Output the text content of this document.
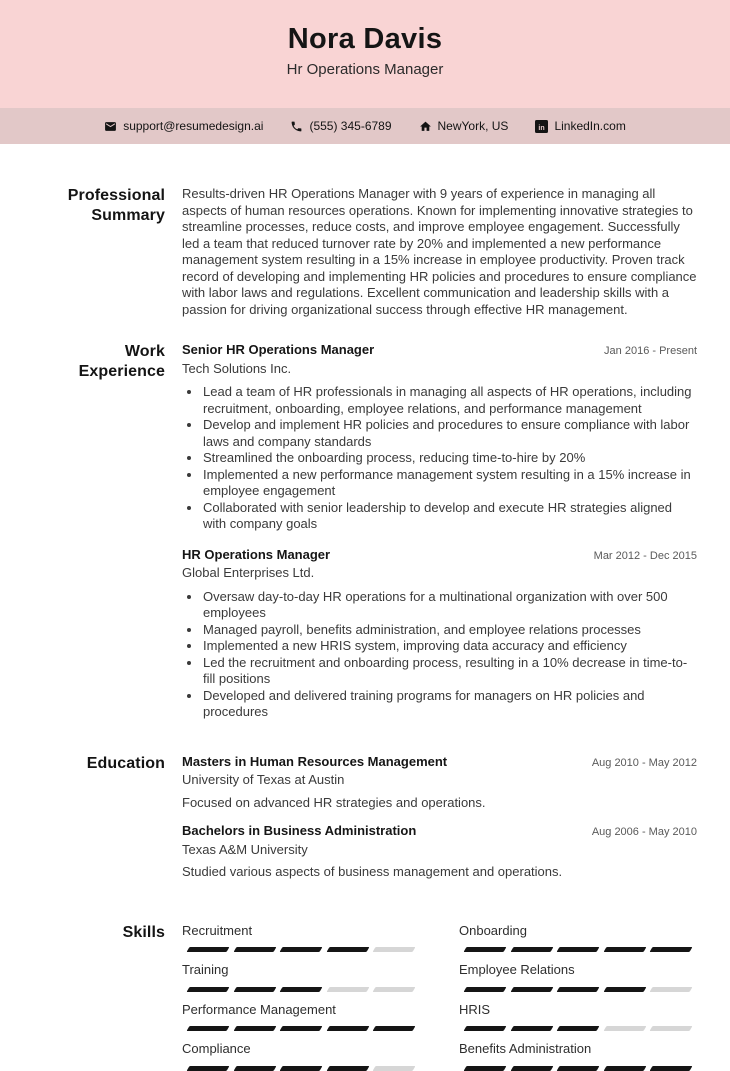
Nora Davis
Hr Operations Manager
support@resumedesign.ai	(555) 345-6789	NewYork, US in LinkedIn.com
Professional Summary
Results-driven HR Operations Manager with 9 years of experience in managing all aspects of human resources operations. Known for implementing innovative strategies to streamline processes, reduce costs, and improve employee engagement. Successfully led a team that reduced turnover rate by 20% and implemented a new performance management system resulting in a 15% increase in employee productivity. Proven track record of developing and implementing HR policies and procedures to ensure compliance with labor laws and regulations. Excellent communication and leadership skills with a passion for driving organizational success through effective HR management.
Work Experience
Senior HR Operations Manager	Jan 2016 - Present
Tech Solutions Inc.
• Lead a team of HR professionals in managing all aspects of HR operations, including recruitment, onboarding, employee relations, and performance management
• Develop and implement HR policies and procedures to ensure compliance with labor laws and company standards
• Streamlined the onboarding process, reducing time-to-hire by 20%
• Implemented a new performance management system resulting in a 15% increase in employee engagement
• Collaborated with senior leadership to develop and execute HR strategies aligned with company goals
HR Operations Manager	Mar 2012 - Dec 2015
Global Enterprises Ltd.
• Oversaw day-to-day HR operations for a multinational organization with over 500 employees
• Managed payroll, benefits administration, and employee relations processes
• Implemented a new HRIS system, improving data accuracy and efficiency
• Led the recruitment and onboarding process, resulting in a 10% decrease in time-to-fill positions
• Developed and delivered training programs for managers on HR policies and procedures
Education Masters in Human Resources Management	Aug 2010 - May 2012
University of Texas at Austin
Focused on advanced HR strategies and operations.
Bachelors in Business Administration	Aug 2006 - May 2010
Texas A&M University
Studied various aspects of business management and operations.
Skills Recruitment	Onboarding
Training	Employee Relations
Performance Management	HRIS
Compliance	Benefits Administration
